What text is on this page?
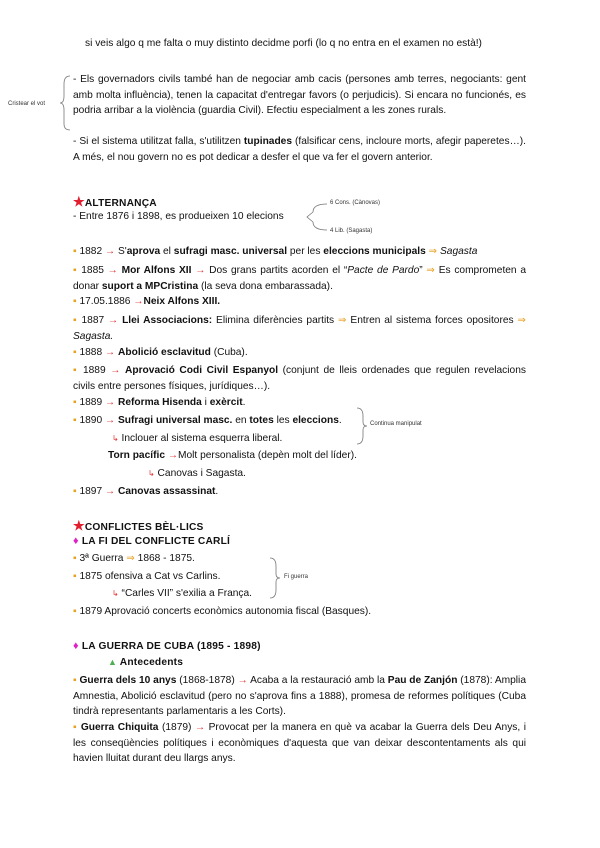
si veis algo q me falta o muy distinto decidme porfi (lo q no entra en el examen no està!)
Cristear el vot
- Els governadors civils també han de negociar amb cacis (persones amb terres, negociants: gent amb molta influència), tenen la capacitat d'entregar favors (o perjudicis). Si encara no funcionés, es podria arribar a la violència (guardia Civil). Efectiu especialment a les zones rurals.
- Si el sistema utilitzat falla, s'utilitzen tupinades (falsificar cens, incloure morts, afegir paperetes…). A més, el nou govern no es pot dedicar a desfer el que va fer el govern anterior.
★ALTERNANÇA
- Entre 1876 i 1898, es produeixen 10 elecions
6 Cons. (Cànovas)
4 Lib. (Sagasta)
▪ 1882 → S'aprova el sufragi masc. universal per les eleccions municipals ⇒ Sagasta
▪ 1885 → Mor Alfons XII → Dos grans partits acorden el “Pacte de Pardo” ⇒ Es comprometen a donar suport a MPCristina (la seva dona embarassada).
▪ 17.05.1886 →Neix Alfons XIII.
▪ 1887 → Llei Associacions: Elimina diferències partits ⇒ Entren al sistema forces opositores ⇒ Sagasta.
▪ 1888 → Abolició esclavitud (Cuba).
▪ 1889 → Aprovació Codi Civil Espanyol (conjunt de lleis ordenades que regulen revelacions civils entre persones físiques, jurídiques…).
▪ 1889 → Reforma Hisenda i exèrcit.
▪ 1890 → Sufragi universal masc. en totes les eleccions.
↳ Inclouer al sistema esquerra liberal.
Continua manipulat
Torn pacífic →Molt personalista (depèn molt del líder).
↳ Canovas i Sagasta.
▪ 1897 → Canovas assassinat.
★CONFLICTES BÈL·LICS
♦ LA FI DEL CONFLICTE CARLÍ
▪ 3ª Guerra ⇒ 1868 - 1875.
▪ 1875 ofensiva a Cat vs Carlins.
↳ “Carles VII” s'exilia a França.
Fi guerra
▪ 1879 Aprovació concerts econòmics autonomia fiscal (Basques).
♦ LA GUERRA DE CUBA (1895 - 1898)
▲ Antecedents
▪ Guerra dels 10 anys (1868-1878) → Acaba a la restauració amb la Pau de Zanjón (1878): Amplia Amnestia, Abolició esclavitud (pero no s'aprova fins a 1888), promesa de reformes polítiques (Cuba tindrà representants parlamentaris a les Corts).
▪ Guerra Chiquita (1879) → Provocat per la manera en què va acabar la Guerra dels Deu Anys, i les conseqüències polítiques i econòmiques d'aquesta que van deixar descontentaments als qui havien lluitat durant deu llargs anys.
